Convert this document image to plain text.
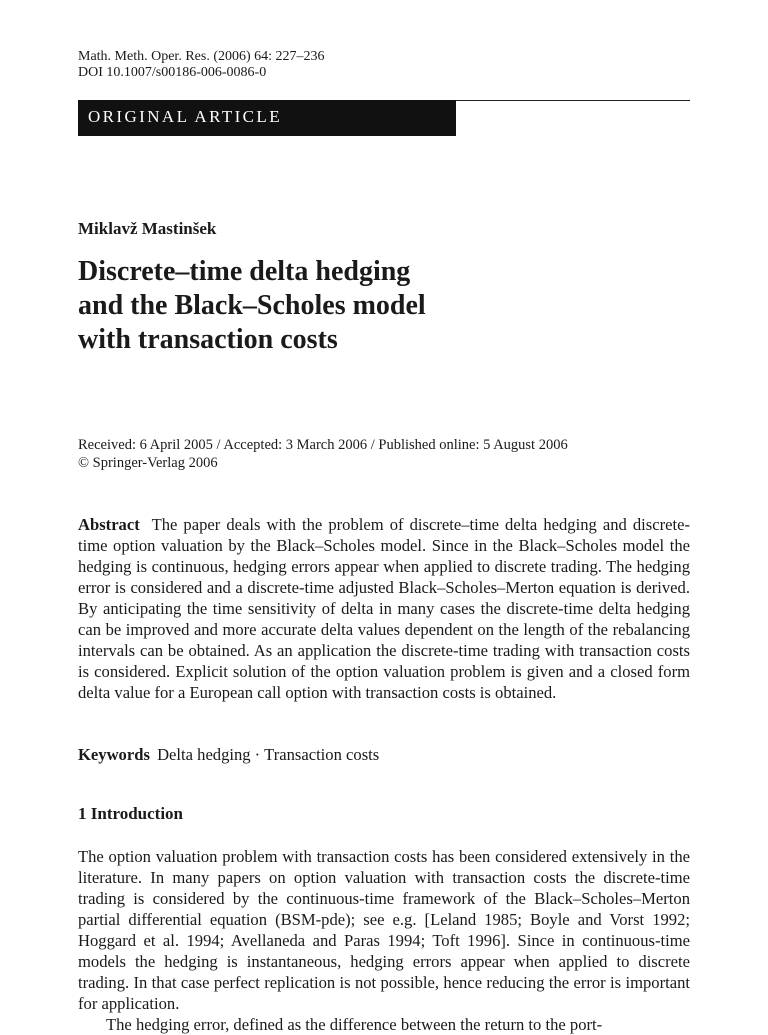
Math. Meth. Oper. Res. (2006) 64: 227–236
DOI 10.1007/s00186-006-0086-0
ORIGINAL ARTICLE
Miklavž Mastinšek
Discrete–time delta hedging
and the Black–Scholes model
with transaction costs
Received: 6 April 2005 / Accepted: 3 March 2006 / Published online: 5 August 2006
© Springer-Verlag 2006
Abstract The paper deals with the problem of discrete–time delta hedging and discrete-time option valuation by the Black–Scholes model. Since in the Black–Scholes model the hedging is continuous, hedging errors appear when applied to discrete trading. The hedging error is considered and a discrete-time adjusted Black–Scholes–Merton equation is derived. By anticipating the time sensitivity of delta in many cases the discrete-time delta hedging can be improved and more accurate delta values dependent on the length of the rebalancing intervals can be obtained. As an application the discrete-time trading with transaction costs is considered. Explicit solution of the option valuation problem is given and a closed form delta value for a European call option with transaction costs is obtained.
Keywords Delta hedging · Transaction costs
1 Introduction
The option valuation problem with transaction costs has been considered extensively in the literature. In many papers on option valuation with transaction costs the discrete-time trading is considered by the continuous-time framework of the Black–Scholes–Merton partial differential equation (BSM-pde); see e.g. [Leland 1985; Boyle and Vorst 1992; Hoggard et al. 1994; Avellaneda and Paras 1994; Toft 1996]. Since in continuous-time models the hedging is instantaneous, hedging errors appear when applied to discrete trading. In that case perfect replication is not possible, hence reducing the error is important for application.
The hedging error, defined as the difference between the return to the port-
